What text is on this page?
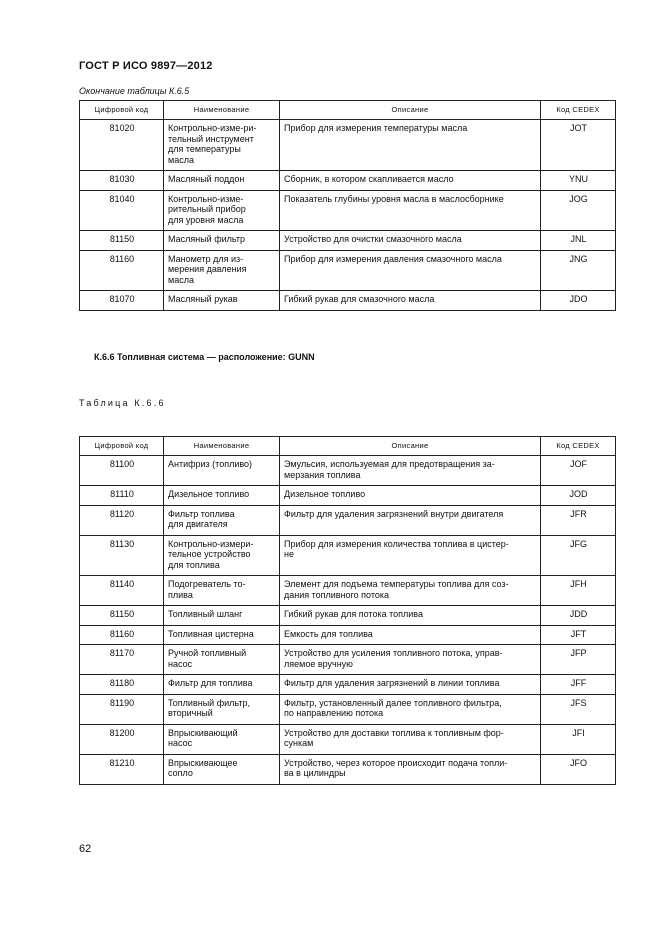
ГОСТ Р ИСО 9897—2012
Окончание таблицы К.6.5
Цифровой код	Наименование	Описание	Код CEDEX
81020	Контрольно-изме-ри-
тельный инструмент
для температуры
масла	Прибор для измерения температуры масла	JOT
81030	Масляный поддон	Сборник, в котором скапливается масло	YNU
81040	Контрольно-изме-
рительный прибор
для уровня масла	Показатель глубины уровня масла в маслосборнике	JOG
81150	Масляный фильтр	Устройство для очистки смазочного масла	JNL
81160	Манометр для из-
мерения давления
масла	Прибор для измерения давления смазочного масла	JNG
81070	Масляный рукав	Гибкий рукав для смазочного масла	JDO
К.6.6 Топливная система — расположение: GUNN
Таблица К.6.6
Цифровой код	Наименование	Описание	Код CEDEX
81100	Антифриз (топливо)	Эмульсия, используемая для предотвращения за-
мерзания топлива	JOF
81110	Дизельное топливо	Дизельное топливо	JOD
81120	Фильтр топлива
для двигателя	Фильтр для удаления загрязнений внутри двигателя	JFR
81130	Контрольно-измери-
тельное устройство
для топлива	Прибор для измерения количества топлива в цистер-
не	JFG
81140	Подогреватель то-
плива	Элемент для подъема температуры топлива для соз-
дания топливного потока	JFH
81150	Топливный шланг	Гибкий рукав для потока топлива	JDD
81160	Топливная цистерна	Емкость для топлива	JFT
81170	Ручной топливный
насос	Устройство для усиления топливного потока, управ-
ляемое вручную	JFP
81180	Фильтр для топлива	Фильтр для удаления загрязнений в линии топлива	JFF
81190	Топливный фильтр,
вторичный	Фильтр, установленный далее топливного фильтра,
по направлению потока	JFS
81200	Впрыскивающий
насос	Устройство для доставки топлива к топливным фор-
сункам	JFI
81210	Впрыскивающее
сопло	Устройство, через которое происходит подача топли-
ва в цилиндры	JFO
62
